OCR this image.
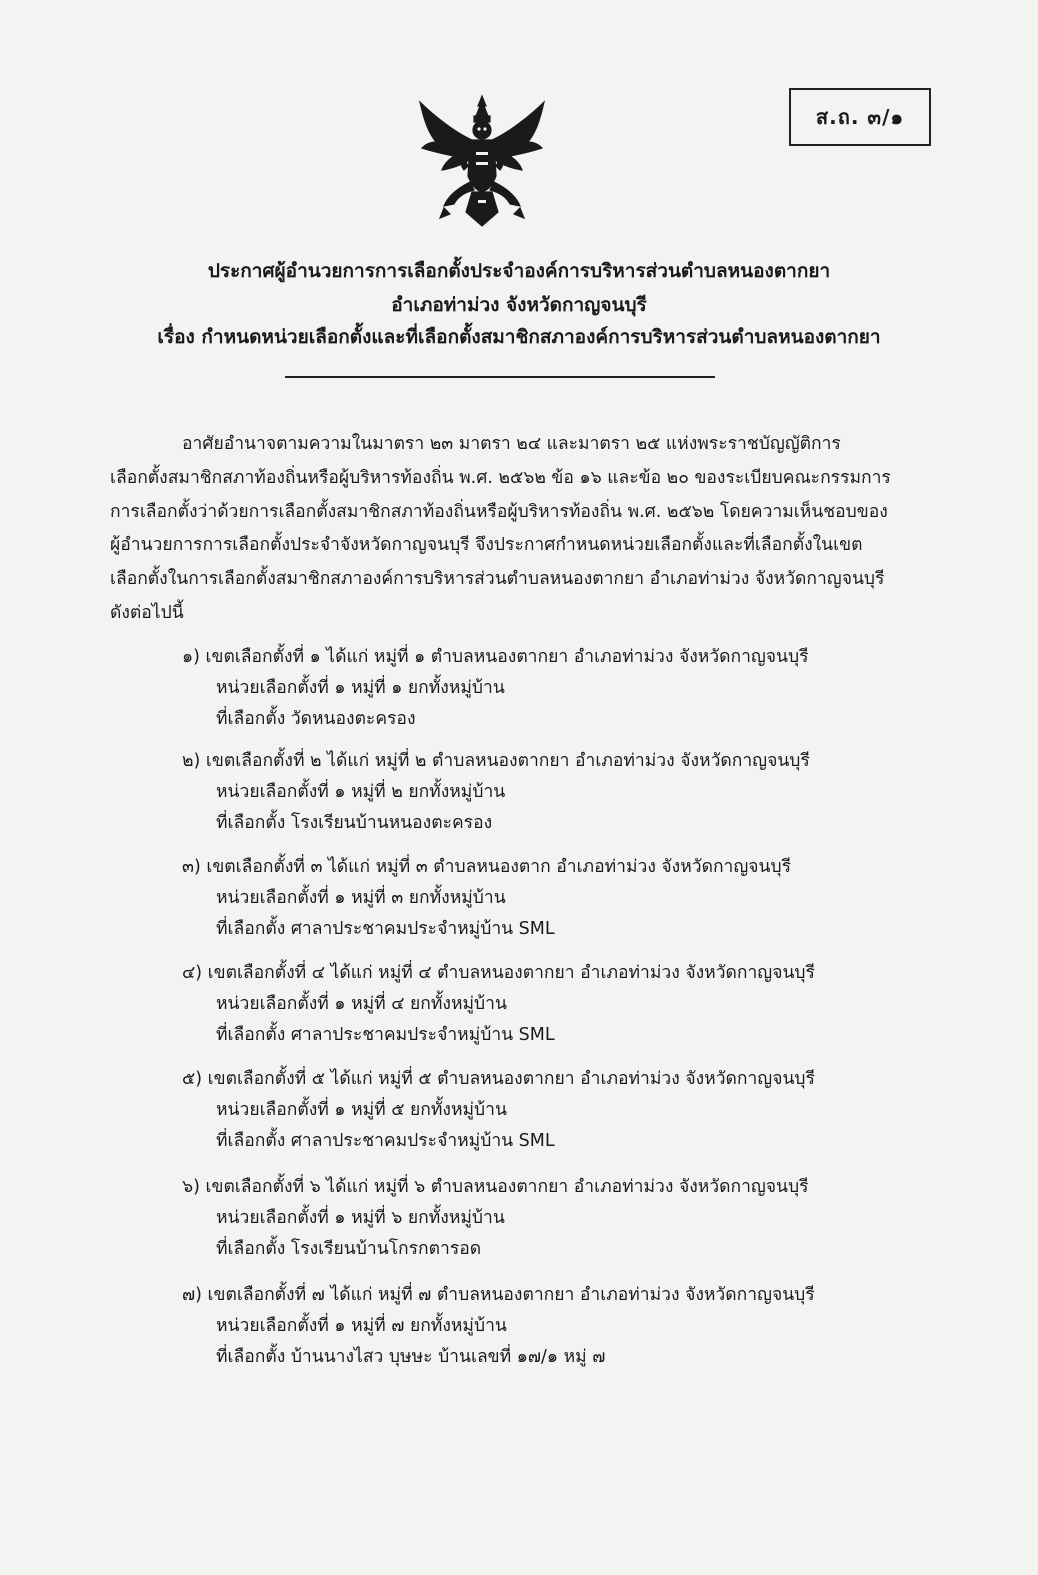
ส.ถ. ๓/๑
ประกาศผู้อำนวยการการเลือกตั้งประจำองค์การบริหารส่วนตำบลหนองตากยา
อำเภอท่าม่วง จังหวัดกาญจนบุรี
เรื่อง กำหนดหน่วยเลือกตั้งและที่เลือกตั้งสมาชิกสภาองค์การบริหารส่วนตำบลหนองตากยา
อาศัยอำนาจตามความในมาตรา ๒๓ มาตรา ๒๔ และมาตรา ๒๕ แห่งพระราชบัญญัติการ
เลือกตั้งสมาชิกสภาท้องถิ่นหรือผู้บริหารท้องถิ่น พ.ศ. ๒๕๖๒ ข้อ ๑๖ และข้อ ๒๐ ของระเบียบคณะกรรมการ
การเลือกตั้งว่าด้วยการเลือกตั้งสมาชิกสภาท้องถิ่นหรือผู้บริหารท้องถิ่น พ.ศ. ๒๕๖๒ โดยความเห็นชอบของ
ผู้อำนวยการการเลือกตั้งประจำจังหวัดกาญจนบุรี จึงประกาศกำหนดหน่วยเลือกตั้งและที่เลือกตั้งในเขต
เลือกตั้งในการเลือกตั้งสมาชิกสภาองค์การบริหารส่วนตำบลหนองตากยา อำเภอท่าม่วง จังหวัดกาญจนบุรี
ดังต่อไปนี้
๑) เขตเลือกตั้งที่ ๑ ได้แก่ หมู่ที่ ๑ ตำบลหนองตากยา อำเภอท่าม่วง จังหวัดกาญจนบุรี
หน่วยเลือกตั้งที่ ๑ หมู่ที่ ๑ ยกทั้งหมู่บ้าน
ที่เลือกตั้ง วัดหนองตะครอง
๒) เขตเลือกตั้งที่ ๒ ได้แก่ หมู่ที่ ๒ ตำบลหนองตากยา อำเภอท่าม่วง จังหวัดกาญจนบุรี
หน่วยเลือกตั้งที่ ๑ หมู่ที่ ๒ ยกทั้งหมู่บ้าน
ที่เลือกตั้ง โรงเรียนบ้านหนองตะครอง
๓) เขตเลือกตั้งที่ ๓ ได้แก่ หมู่ที่ ๓ ตำบลหนองตาก อำเภอท่าม่วง จังหวัดกาญจนบุรี
หน่วยเลือกตั้งที่ ๑ หมู่ที่ ๓ ยกทั้งหมู่บ้าน
ที่เลือกตั้ง ศาลาประชาคมประจำหมู่บ้าน SML
๔) เขตเลือกตั้งที่ ๔ ได้แก่ หมู่ที่ ๔ ตำบลหนองตากยา อำเภอท่าม่วง จังหวัดกาญจนบุรี
หน่วยเลือกตั้งที่ ๑ หมู่ที่ ๔ ยกทั้งหมู่บ้าน
ที่เลือกตั้ง ศาลาประชาคมประจำหมู่บ้าน SML
๕) เขตเลือกตั้งที่ ๕ ได้แก่ หมู่ที่ ๕ ตำบลหนองตากยา อำเภอท่าม่วง จังหวัดกาญจนบุรี
หน่วยเลือกตั้งที่ ๑ หมู่ที่ ๕ ยกทั้งหมู่บ้าน
ที่เลือกตั้ง ศาลาประชาคมประจำหมู่บ้าน SML
๖) เขตเลือกตั้งที่ ๖ ได้แก่ หมู่ที่ ๖ ตำบลหนองตากยา อำเภอท่าม่วง จังหวัดกาญจนบุรี
หน่วยเลือกตั้งที่ ๑ หมู่ที่ ๖ ยกทั้งหมู่บ้าน
ที่เลือกตั้ง โรงเรียนบ้านโกรกตารอด
๗) เขตเลือกตั้งที่ ๗ ได้แก่ หมู่ที่ ๗ ตำบลหนองตากยา อำเภอท่าม่วง จังหวัดกาญจนบุรี
หน่วยเลือกตั้งที่ ๑ หมู่ที่ ๗ ยกทั้งหมู่บ้าน
ที่เลือกตั้ง บ้านนางไสว บุษษะ บ้านเลขที่ ๑๗/๑ หมู่ ๗
